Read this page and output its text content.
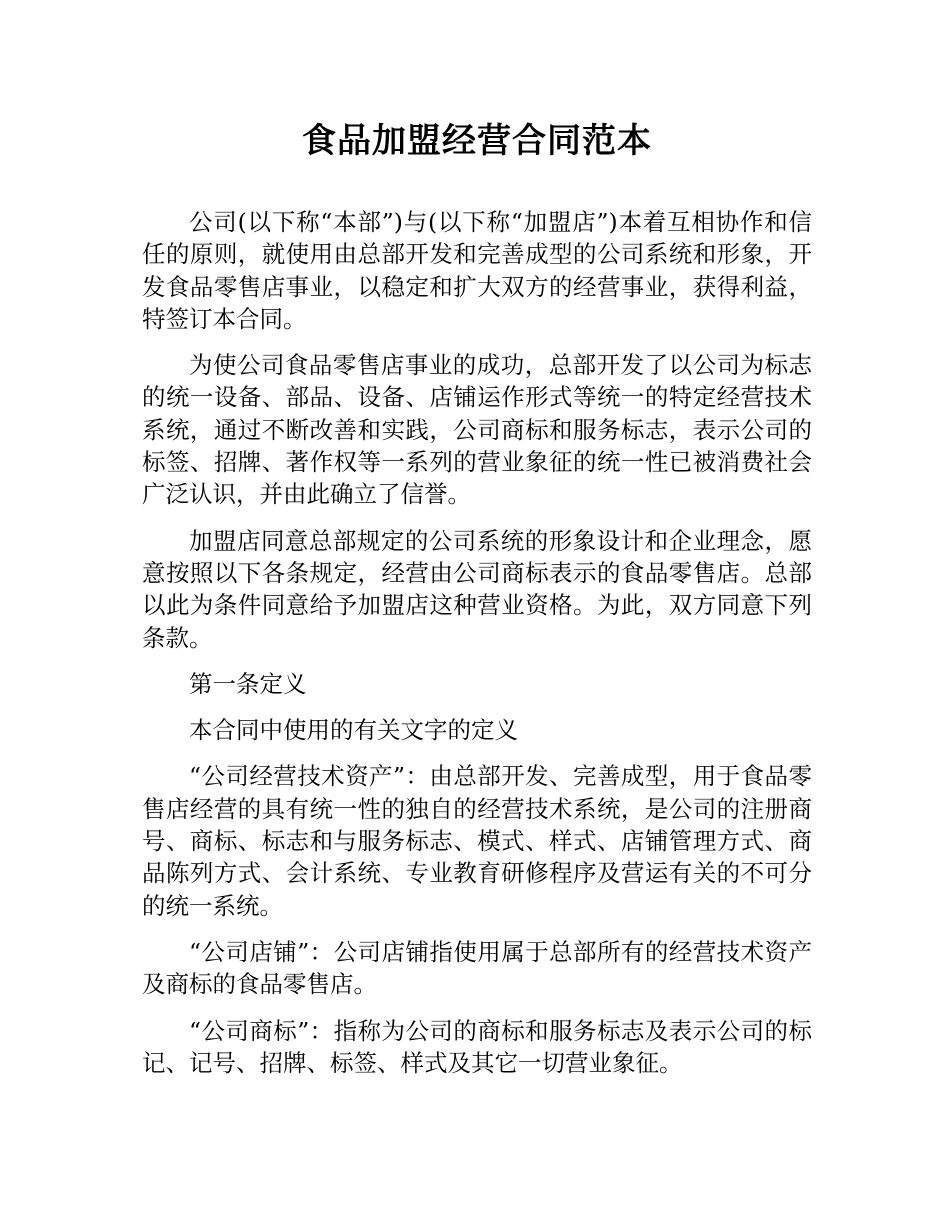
食品加盟经营合同范本

公司(以下称“本部”)与(以下称“加盟店”)本着互相协作和信任的原则，就使用由总部开发和完善成型的公司系统和形象，开发食品零售店事业，以稳定和扩大双方的经营事业，获得利益，特签订本合同。

为使公司食品零售店事业的成功，总部开发了以公司为标志的统一设备、部品、设备、店铺运作形式等统一的特定经营技术系统，通过不断改善和实践，公司商标和服务标志，表示公司的标签、招牌、著作权等一系列的营业象征的统一性已被消费社会广泛认识，并由此确立了信誉。

加盟店同意总部规定的公司系统的形象设计和企业理念，愿意按照以下各条规定，经营由公司商标表示的食品零售店。总部以此为条件同意给予加盟店这种营业资格。为此，双方同意下列条款。

第一条定义

本合同中使用的有关文字的定义

“公司经营技术资产”：由总部开发、完善成型，用于食品零售店经营的具有统一性的独自的经营技术系统，是公司的注册商号、商标、标志和与服务标志、模式、样式、店铺管理方式、商品陈列方式、会计系统、专业教育研修程序及营运有关的不可分的统一系统。

“公司店铺”：公司店铺指使用属于总部所有的经营技术资产及商标的食品零售店。

“公司商标”：指称为公司的商标和服务标志及表示公司的标记、记号、招牌、标签、样式及其它一切营业象征。
